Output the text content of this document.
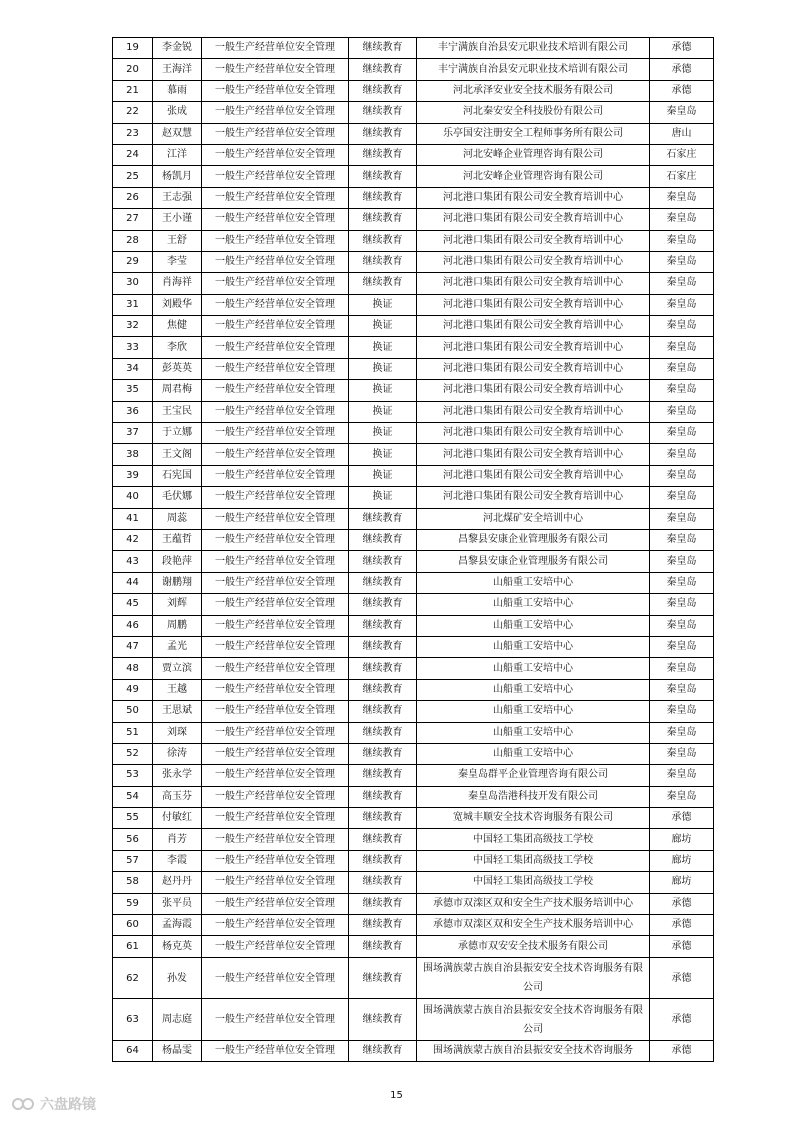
19	李金锐	一般生产经营单位安全管理	继续教育	丰宁满族自治县安元职业技术培训有限公司	承德
20	王海洋	一般生产经营单位安全管理	继续教育	丰宁满族自治县安元职业技术培训有限公司	承德
21	慕雨	一般生产经营单位安全管理	继续教育	河北承泽安业安全技术服务有限公司	承德
22	张成	一般生产经营单位安全管理	继续教育	河北秦安安全科技股份有限公司	秦皇岛
23	赵双慧	一般生产经营单位安全管理	继续教育	乐亭国安注册安全工程师事务所有限公司	唐山
24	江洋	一般生产经营单位安全管理	继续教育	河北安峰企业管理咨询有限公司	石家庄
25	杨凯月	一般生产经营单位安全管理	继续教育	河北安峰企业管理咨询有限公司	石家庄
26	王志强	一般生产经营单位安全管理	继续教育	河北港口集团有限公司安全教育培训中心	秦皇岛
27	王小谨	一般生产经营单位安全管理	继续教育	河北港口集团有限公司安全教育培训中心	秦皇岛
28	王舒	一般生产经营单位安全管理	继续教育	河北港口集团有限公司安全教育培训中心	秦皇岛
29	李莹	一般生产经营单位安全管理	继续教育	河北港口集团有限公司安全教育培训中心	秦皇岛
30	肖海祥	一般生产经营单位安全管理	继续教育	河北港口集团有限公司安全教育培训中心	秦皇岛
31	刘殿华	一般生产经营单位安全管理	换证	河北港口集团有限公司安全教育培训中心	秦皇岛
32	焦健	一般生产经营单位安全管理	换证	河北港口集团有限公司安全教育培训中心	秦皇岛
33	李欣	一般生产经营单位安全管理	换证	河北港口集团有限公司安全教育培训中心	秦皇岛
34	彭英英	一般生产经营单位安全管理	换证	河北港口集团有限公司安全教育培训中心	秦皇岛
35	周君梅	一般生产经营单位安全管理	换证	河北港口集团有限公司安全教育培训中心	秦皇岛
36	王宝民	一般生产经营单位安全管理	换证	河北港口集团有限公司安全教育培训中心	秦皇岛
37	于立娜	一般生产经营单位安全管理	换证	河北港口集团有限公司安全教育培训中心	秦皇岛
38	王文阁	一般生产经营单位安全管理	换证	河北港口集团有限公司安全教育培训中心	秦皇岛
39	石宪国	一般生产经营单位安全管理	换证	河北港口集团有限公司安全教育培训中心	秦皇岛
40	毛伏娜	一般生产经营单位安全管理	换证	河北港口集团有限公司安全教育培训中心	秦皇岛
41	周蕊	一般生产经营单位安全管理	继续教育	河北煤矿安全培训中心	秦皇岛
42	王蕴哲	一般生产经营单位安全管理	继续教育	昌黎县安康企业管理服务有限公司	秦皇岛
43	段艳萍	一般生产经营单位安全管理	继续教育	昌黎县安康企业管理服务有限公司	秦皇岛
44	谢鹏翔	一般生产经营单位安全管理	继续教育	山船重工安培中心	秦皇岛
45	刘辉	一般生产经营单位安全管理	继续教育	山船重工安培中心	秦皇岛
46	周鹏	一般生产经营单位安全管理	继续教育	山船重工安培中心	秦皇岛
47	孟光	一般生产经营单位安全管理	继续教育	山船重工安培中心	秦皇岛
48	贾立滨	一般生产经营单位安全管理	继续教育	山船重工安培中心	秦皇岛
49	王越	一般生产经营单位安全管理	继续教育	山船重工安培中心	秦皇岛
50	王思斌	一般生产经营单位安全管理	继续教育	山船重工安培中心	秦皇岛
51	刘琛	一般生产经营单位安全管理	继续教育	山船重工安培中心	秦皇岛
52	徐涛	一般生产经营单位安全管理	继续教育	山船重工安培中心	秦皇岛
53	张永学	一般生产经营单位安全管理	继续教育	秦皇岛群平企业管理咨询有限公司	秦皇岛
54	高玉芬	一般生产经营单位安全管理	继续教育	秦皇岛浩港科技开发有限公司	秦皇岛
55	付敏红	一般生产经营单位安全管理	继续教育	宽城丰顺安全技术咨询服务有限公司	承德
56	肖芳	一般生产经营单位安全管理	继续教育	中国轻工集团高级技工学校	廊坊
57	李霞	一般生产经营单位安全管理	继续教育	中国轻工集团高级技工学校	廊坊
58	赵丹丹	一般生产经营单位安全管理	继续教育	中国轻工集团高级技工学校	廊坊
59	张平员	一般生产经营单位安全管理	继续教育	承德市双滦区双和安全生产技术服务培训中心	承德
60	孟海霞	一般生产经营单位安全管理	继续教育	承德市双滦区双和安全生产技术服务培训中心	承德
61	杨克英	一般生产经营单位安全管理	继续教育	承德市双安安全技术服务有限公司	承德
62	孙发	一般生产经营单位安全管理	继续教育	围场满族蒙古族自治县振安安全技术咨询服务有限公司	承德
63	周志庭	一般生产经营单位安全管理	继续教育	围场满族蒙古族自治县振安安全技术咨询服务有限公司	承德
64	杨晶雯	一般生产经营单位安全管理	继续教育	围场满族蒙古族自治县振安安全技术咨询服务	承德
15
六盘路镜
